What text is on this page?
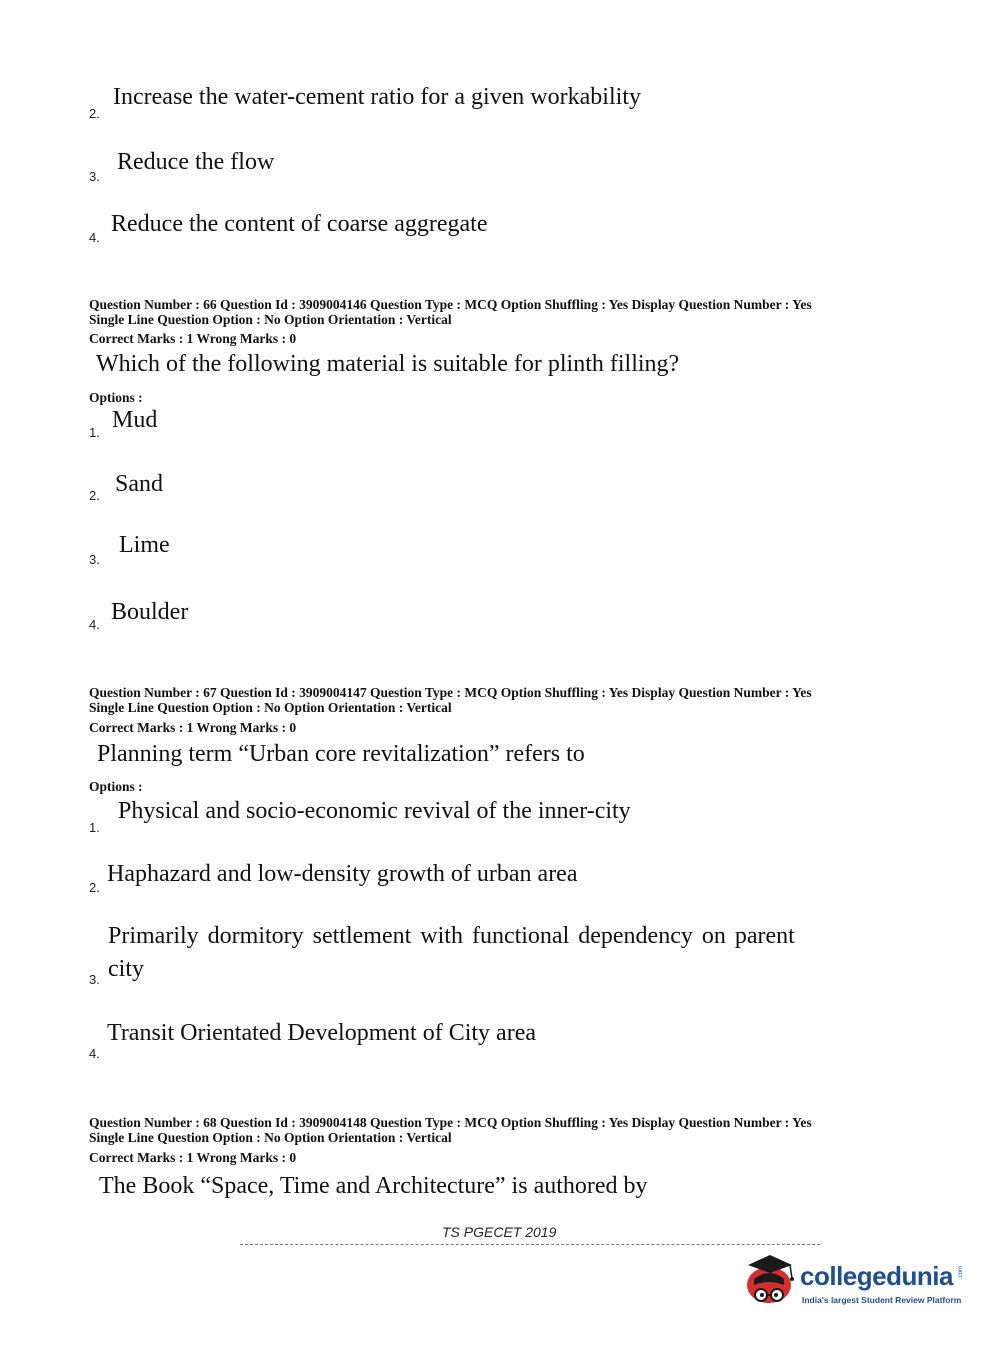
2.
Increase the water-cement ratio for a given workability
3.
Reduce the flow
4.
Reduce the content of coarse aggregate
Question Number : 66 Question Id : 3909004146 Question Type : MCQ Option Shuffling : Yes Display Question Number : Yes
Single Line Question Option : No Option Orientation : Vertical
Correct Marks : 1 Wrong Marks : 0
Which of the following material is suitable for plinth filling?
Options :
1. Mud
2. Sand
3.
Lime
4. Boulder
Question Number : 67 Question Id : 3909004147 Question Type : MCQ Option Shuffling : Yes Display Question Number : Yes
Single Line Question Option : No Option Orientation : Vertical
Correct Marks : 1 Wrong Marks : 0
Planning term “Urban core revitalization” refers to
Options :
1.
Physical and socio-economic revival of the inner-city
2.
Haphazard and low-density growth of urban area
3.
Primarily dormitory settlement with functional dependency on parent
city
4.
Transit Orientated Development of City area
Question Number : 68 Question Id : 3909004148 Question Type : MCQ Option Shuffling : Yes Display Question Number : Yes
Single Line Question Option : No Option Orientation : Vertical
Correct Marks : 1 Wrong Marks : 0
The Book “Space, Time and Architecture” is authored by
TS PGECET 2019
collegedunia .com
India's largest Student Review Platform
